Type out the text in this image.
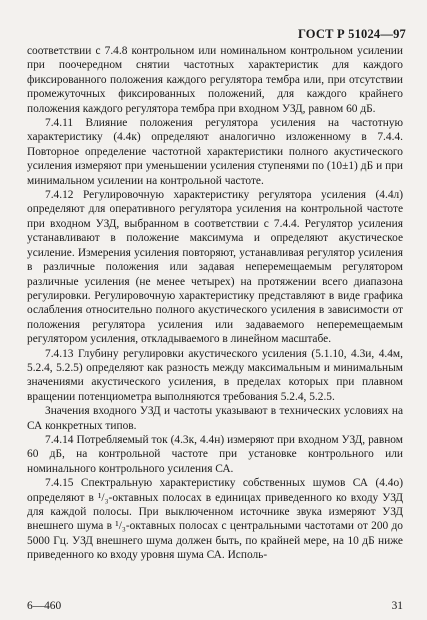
ГОСТ Р 51024—97

соответствии с 7.4.8 контрольном или номинальном контрольном усилении при поочередном снятии частотных характеристик для каждого фиксированного положения каждого регулятора тембра или, при отсутствии промежуточных фиксированных положений, для каждого крайнего положения каждого регулятора тембра при входном УЗД, равном 60 дБ.

7.4.11 Влияние положения регулятора усиления на частотную характеристику (4.4к) определяют аналогично изложенному в 7.4.4. Повторное определение частотной характеристики полного акустического усиления измеряют при уменьшении усиления ступенями по (10±1) дБ и при минимальном усилении на контрольной частоте.

7.4.12 Регулировочную характеристику регулятора усиления (4.4л) определяют для оперативного регулятора усиления на контрольной частоте при входном УЗД, выбранном в соответствии с 7.4.4. Регулятор усиления устанавливают в положение максимума и определяют акустическое усиление. Измерения усиления повторяют, устанавливая регулятор усиления в различные положения или задавая неперемещаемым регулятором различные усиления (не менее четырех) на протяжении всего диапазона регулировки. Регулировочную характеристику представляют в виде графика ослабления относительно полного акустического усиления в зависимости от положения регулятора усиления или задаваемого неперемещаемым регулятором усиления, откладываемого в линейном масштабе.

7.4.13 Глубину регулировки акустического усиления (5.1.10, 4.3и, 4.4м, 5.2.4, 5.2.5) определяют как разность между максимальным и минимальным значениями акустического усиления, в пределах которых при плавном вращении потенциометра выполняются требования 5.2.4, 5.2.5.

Значения входного УЗД и частоты указывают в технических условиях на СА конкретных типов.

7.4.14 Потребляемый ток (4.3к, 4.4н) измеряют при входном УЗД, равном 60 дБ, на контрольной частоте при установке контрольного или номинального контрольного усиления СА.

7.4.15 Спектральную характеристику собственных шумов СА (4.4о) определяют в ¹/₃-октавных полосах в единицах приведенного ко входу УЗД для каждой полосы. При выключенном источнике звука измеряют УЗД внешнего шума в ¹/₃-октавных полосах с центральными частотами от 200 до 5000 Гц. УЗД внешнего шума должен быть, по крайней мере, на 10 дБ ниже приведенного ко входу уровня шума СА. Исполь-

6—460	31
